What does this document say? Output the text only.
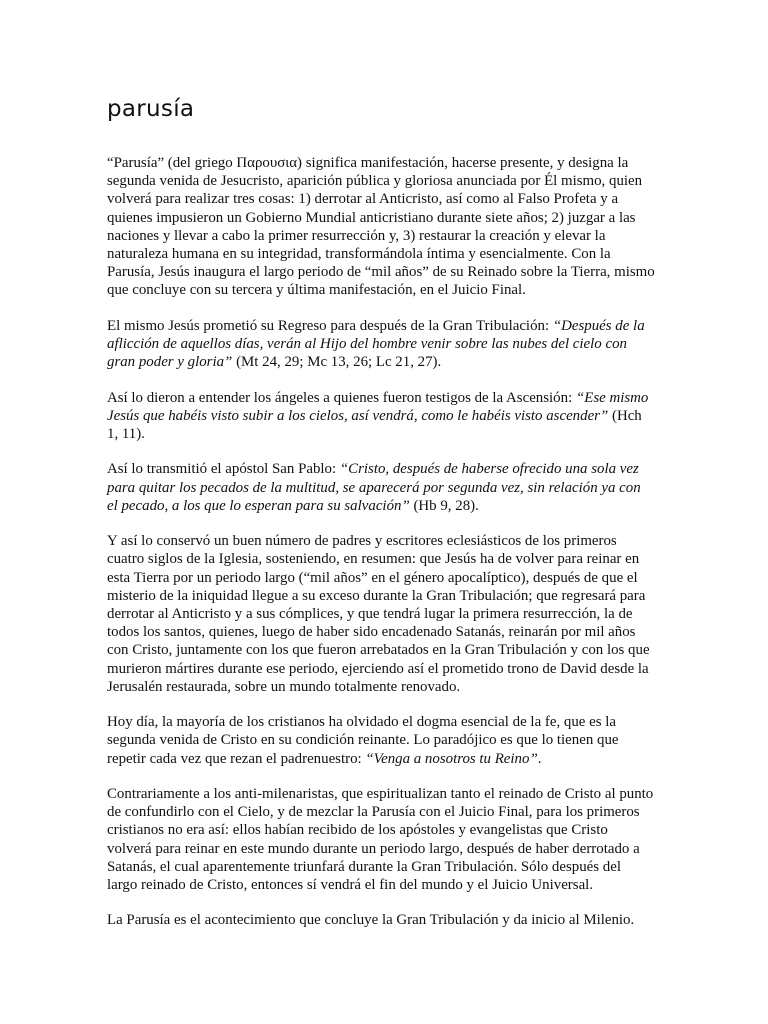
parusía

“Parusía” (del griego Παρουσια) significa manifestación, hacerse presente, y designa la segunda venida de Jesucristo, aparición pública y gloriosa anunciada por Él mismo, quien volverá para realizar tres cosas: 1) derrotar al Anticristo, así como al Falso Profeta y a quienes impusieron un Gobierno Mundial anticristiano durante siete años; 2) juzgar a las naciones y llevar a cabo la primer resurrección y, 3) restaurar la creación y elevar la naturaleza humana en su integridad, transformándola íntima y esencialmente. Con la Parusía, Jesús inaugura el largo periodo de “mil años” de su Reinado sobre la Tierra, mismo que concluye con su tercera y última manifestación, en el Juicio Final.

El mismo Jesús prometió su Regreso para después de la Gran Tribulación: “Después de la aflicción de aquellos días, verán al Hijo del hombre venir sobre las nubes del cielo con gran poder y gloria” (Mt 24, 29; Mc 13, 26; Lc 21, 27).

Así lo dieron a entender los ángeles a quienes fueron testigos de la Ascensión: “Ese mismo Jesús que habéis visto subir a los cielos, así vendrá, como le habéis visto ascender” (Hch 1, 11).

Así lo transmitió el apóstol San Pablo: “Cristo, después de haberse ofrecido una sola vez para quitar los pecados de la multitud, se aparecerá por segunda vez, sin relación ya con el pecado, a los que lo esperan para su salvación” (Hb 9, 28).

Y así lo conservó un buen número de padres y escritores eclesiásticos de los primeros cuatro siglos de la Iglesia, sosteniendo, en resumen: que Jesús ha de volver para reinar en esta Tierra por un periodo largo (“mil años” en el género apocalíptico), después de que el misterio de la iniquidad llegue a su exceso durante la Gran Tribulación; que regresará para derrotar al Anticristo y a sus cómplices, y que tendrá lugar la primera resurrección, la de todos los santos, quienes, luego de haber sido encadenado Satanás, reinarán por mil años con Cristo, juntamente con los que fueron arrebatados en la Gran Tribulación y con los que murieron mártires durante ese periodo, ejerciendo así el prometido trono de David desde la Jerusalén restaurada, sobre un mundo totalmente renovado.

Hoy día, la mayoría de los cristianos ha olvidado el dogma esencial de la fe, que es la segunda venida de Cristo en su condición reinante. Lo paradójico es que lo tienen que repetir cada vez que rezan el padrenuestro: “Venga a nosotros tu Reino”.

Contrariamente a los anti-milenaristas, que espiritualizan tanto el reinado de Cristo al punto de confundirlo con el Cielo, y de mezclar la Parusía con el Juicio Final, para los primeros cristianos no era así: ellos habían recibido de los apóstoles y evangelistas que Cristo volverá para reinar en este mundo durante un periodo largo, después de haber derrotado a Satanás, el cual aparentemente triunfará durante la Gran Tribulación. Sólo después del largo reinado de Cristo, entonces sí vendrá el fin del mundo y el Juicio Universal.

La Parusía es el acontecimiento que concluye la Gran Tribulación y da inicio al Milenio.
